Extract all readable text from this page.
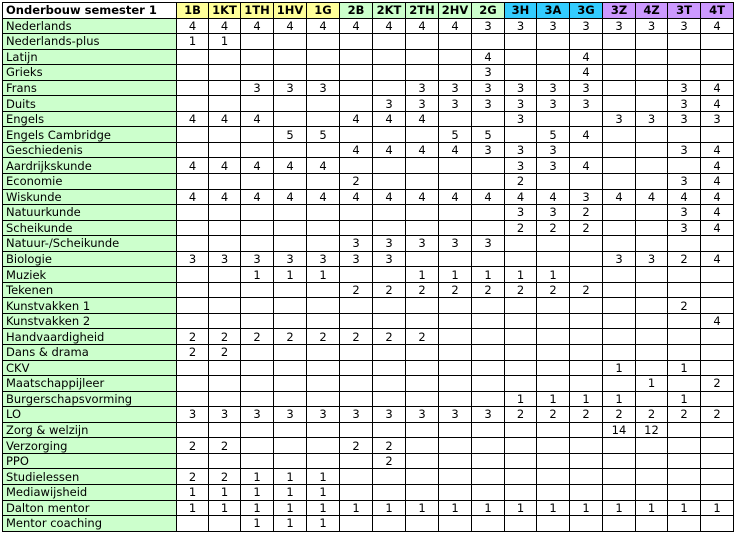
Onderbouw semester 1	1B	1KT	1TH	1HV	1G	2B	2KT	2TH	2HV	2G	3H	3A	3G	3Z	4Z	3T	4T
Nederlands	4	4	4	4	4	4	4	4	4	3	3	3	3	3	3	3	4
Nederlands-plus	1	1															
Latijn										4			4				
Grieks										3			4				
Frans			3	3	3			3	3	3	3	3	3			3	4
Duits							3	3	3	3	3	3	3			3	4
Engels	4	4	4			4	4	4			3			3	3	3	3
Engels Cambridge				5	5				5	5		5	4				
Geschiedenis						4	4	4	4	3	3	3				3	4
Aardrijkskunde	4	4	4	4	4						3	3	4				4
Economie						2					2					3	4
Wiskunde	4	4	4	4	4	4	4	4	4	4	4	4	3	4	4	4	4
Natuurkunde											3	3	2			3	4
Scheikunde											2	2	2			3	4
Natuur-/Scheikunde						3	3	3	3	3							
Biologie	3	3	3	3	3	3	3							3	3	2	4
Muziek			1	1	1			1	1	1	1	1					
Tekenen						2	2	2	2	2	2	2	2				
Kunstvakken 1																2	
Kunstvakken 2																	4
Handvaardigheid	2	2	2	2	2	2	2	2									
Dans & drama	2	2															
CKV														1		1	
Maatschappijleer															1		2
Burgerschapsvorming											1	1	1	1		1	
LO	3	3	3	3	3	3	3	3	3	3	2	2	2	2	2	2	2
Zorg & welzijn														14	12		
Verzorging	2	2				2	2										
PPO							2										
Studielessen	2	2	1	1	1												
Mediawijsheid	1	1	1	1	1												
Dalton mentor	1	1	1	1	1	1	1	1	1	1	1	1	1	1	1	1	1
Mentor coaching			1	1	1												
